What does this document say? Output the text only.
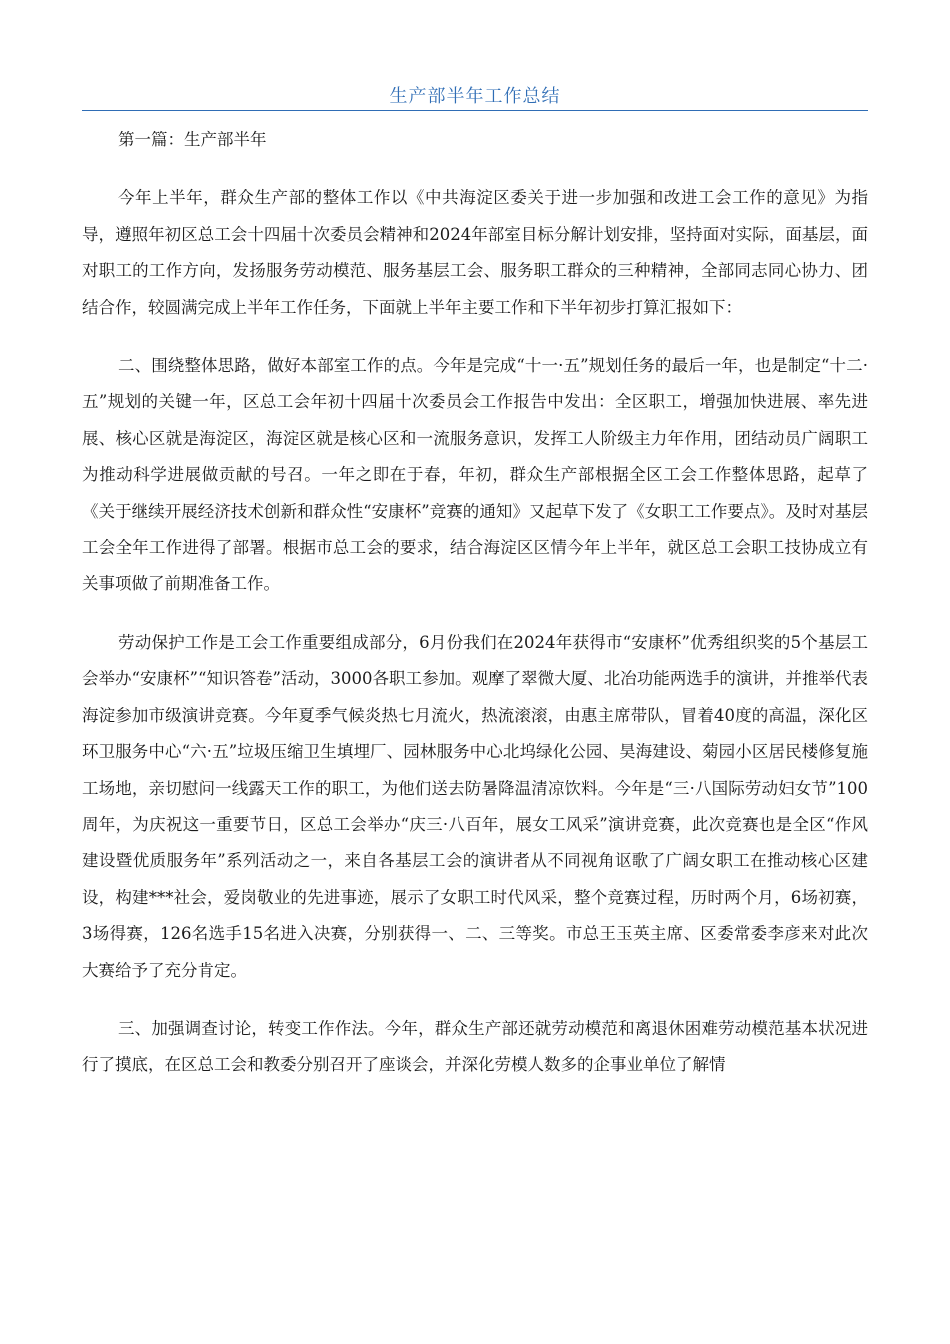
生产部半年工作总结

第一篇：生产部半年

今年上半年，群众生产部的整体工作以《中共海淀区委关于进一步加强和改进工会工作的意见》为指导，遵照年初区总工会十四届十次委员会精神和2024年部室目标分解计划安排，坚持面对实际，面基层，面对职工的工作方向，发扬服务劳动模范、服务基层工会、服务职工群众的三种精神，全部同志同心协力、团结合作，较圆满完成上半年工作任务，下面就上半年主要工作和下半年初步打算汇报如下：

二、围绕整体思路，做好本部室工作的点。今年是完成“十一·五”规划任务的最后一年，也是制定“十二·五”规划的关键一年，区总工会年初十四届十次委员会工作报告中发出：全区职工，增强加快进展、率先进展、核心区就是海淀区，海淀区就是核心区和一流服务意识，发挥工人阶级主力年作用，团结动员广阔职工为推动科学进展做贡献的号召。一年之即在于春，年初，群众生产部根据全区工会工作整体思路，起草了《关于继续开展经济技术创新和群众性“安康杯”竞赛的通知》又起草下发了《女职工工作要点》。及时对基层工会全年工作进得了部署。根据市总工会的要求，结合海淀区区情今年上半年，就区总工会职工技协成立有关事项做了前期准备工作。

劳动保护工作是工会工作重要组成部分，6月份我们在2024年获得市“安康杯”优秀组织奖的5个基层工会举办“安康杯”“知识答卷”活动，3000各职工参加。观摩了翠微大厦、北冶功能两选手的演讲，并推举代表海淀参加市级演讲竞赛。今年夏季气候炎热七月流火，热流滚滚，由惠主席带队，冒着40度的高温，深化区环卫服务中心“六·五”垃圾压缩卫生填埋厂、园林服务中心北坞绿化公园、昊海建设、菊园小区居民楼修复施工场地，亲切慰问一线露天工作的职工，为他们送去防暑降温清凉饮料。今年是“三·八国际劳动妇女节”100周年，为庆祝这一重要节日，区总工会举办“庆三·八百年，展女工风采”演讲竞赛，此次竞赛也是全区“作风建设暨优质服务年”系列活动之一，来自各基层工会的演讲者从不同视角讴歌了广阔女职工在推动核心区建设，构建***社会，爱岗敬业的先进事迹，展示了女职工时代风采，整个竞赛过程，历时两个月，6场初赛，3场得赛，126名选手15名进入决赛，分别获得一、二、三等奖。市总王玉英主席、区委常委李彦来对此次大赛给予了充分肯定。

三、加强调查讨论，转变工作作法。今年，群众生产部还就劳动模范和离退休困难劳动模范基本状况进行了摸底，在区总工会和教委分别召开了座谈会，并深化劳模人数多的企事业单位了解情
